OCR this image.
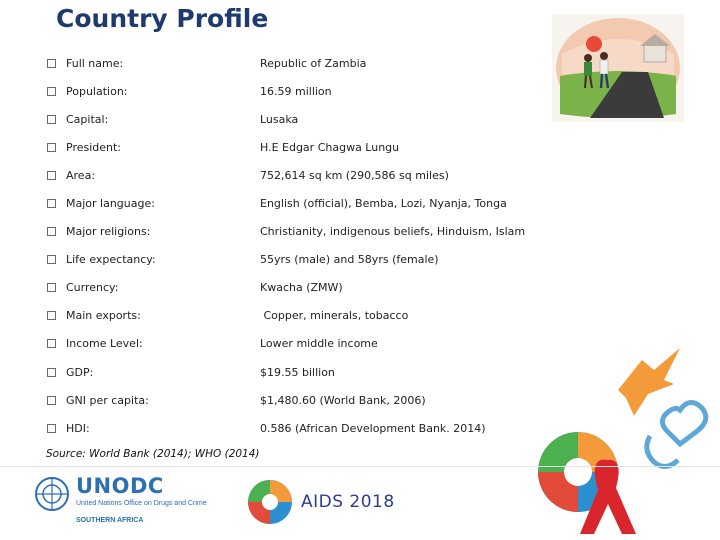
Country Profile
Full name:	Republic of Zambia
Population:	16.59 million
Capital:	Lusaka
President:	H.E Edgar Chagwa Lungu
Area:	752,614 sq km (290,586 sq miles)
Major language:	English (official), Bemba, Lozi, Nyanja, Tonga
Major religions:	Christianity, indigenous beliefs, Hinduism, Islam
Life expectancy:	55yrs (male) and 58yrs (female)
Currency:	Kwacha (ZMW)
Main exports:	Copper, minerals, tobacco
Income Level:	Lower middle income
GDP:	$19.55 billion
GNI per capita:	$1,480.60 (World Bank, 2006)
HDI:	0.586 (African Development Bank. 2014)
Source: World Bank (2014); WHO (2014)
UNODC
United Nations Office on Drugs and Crime
SOUTHERN AFRICA
AIDS 2018
